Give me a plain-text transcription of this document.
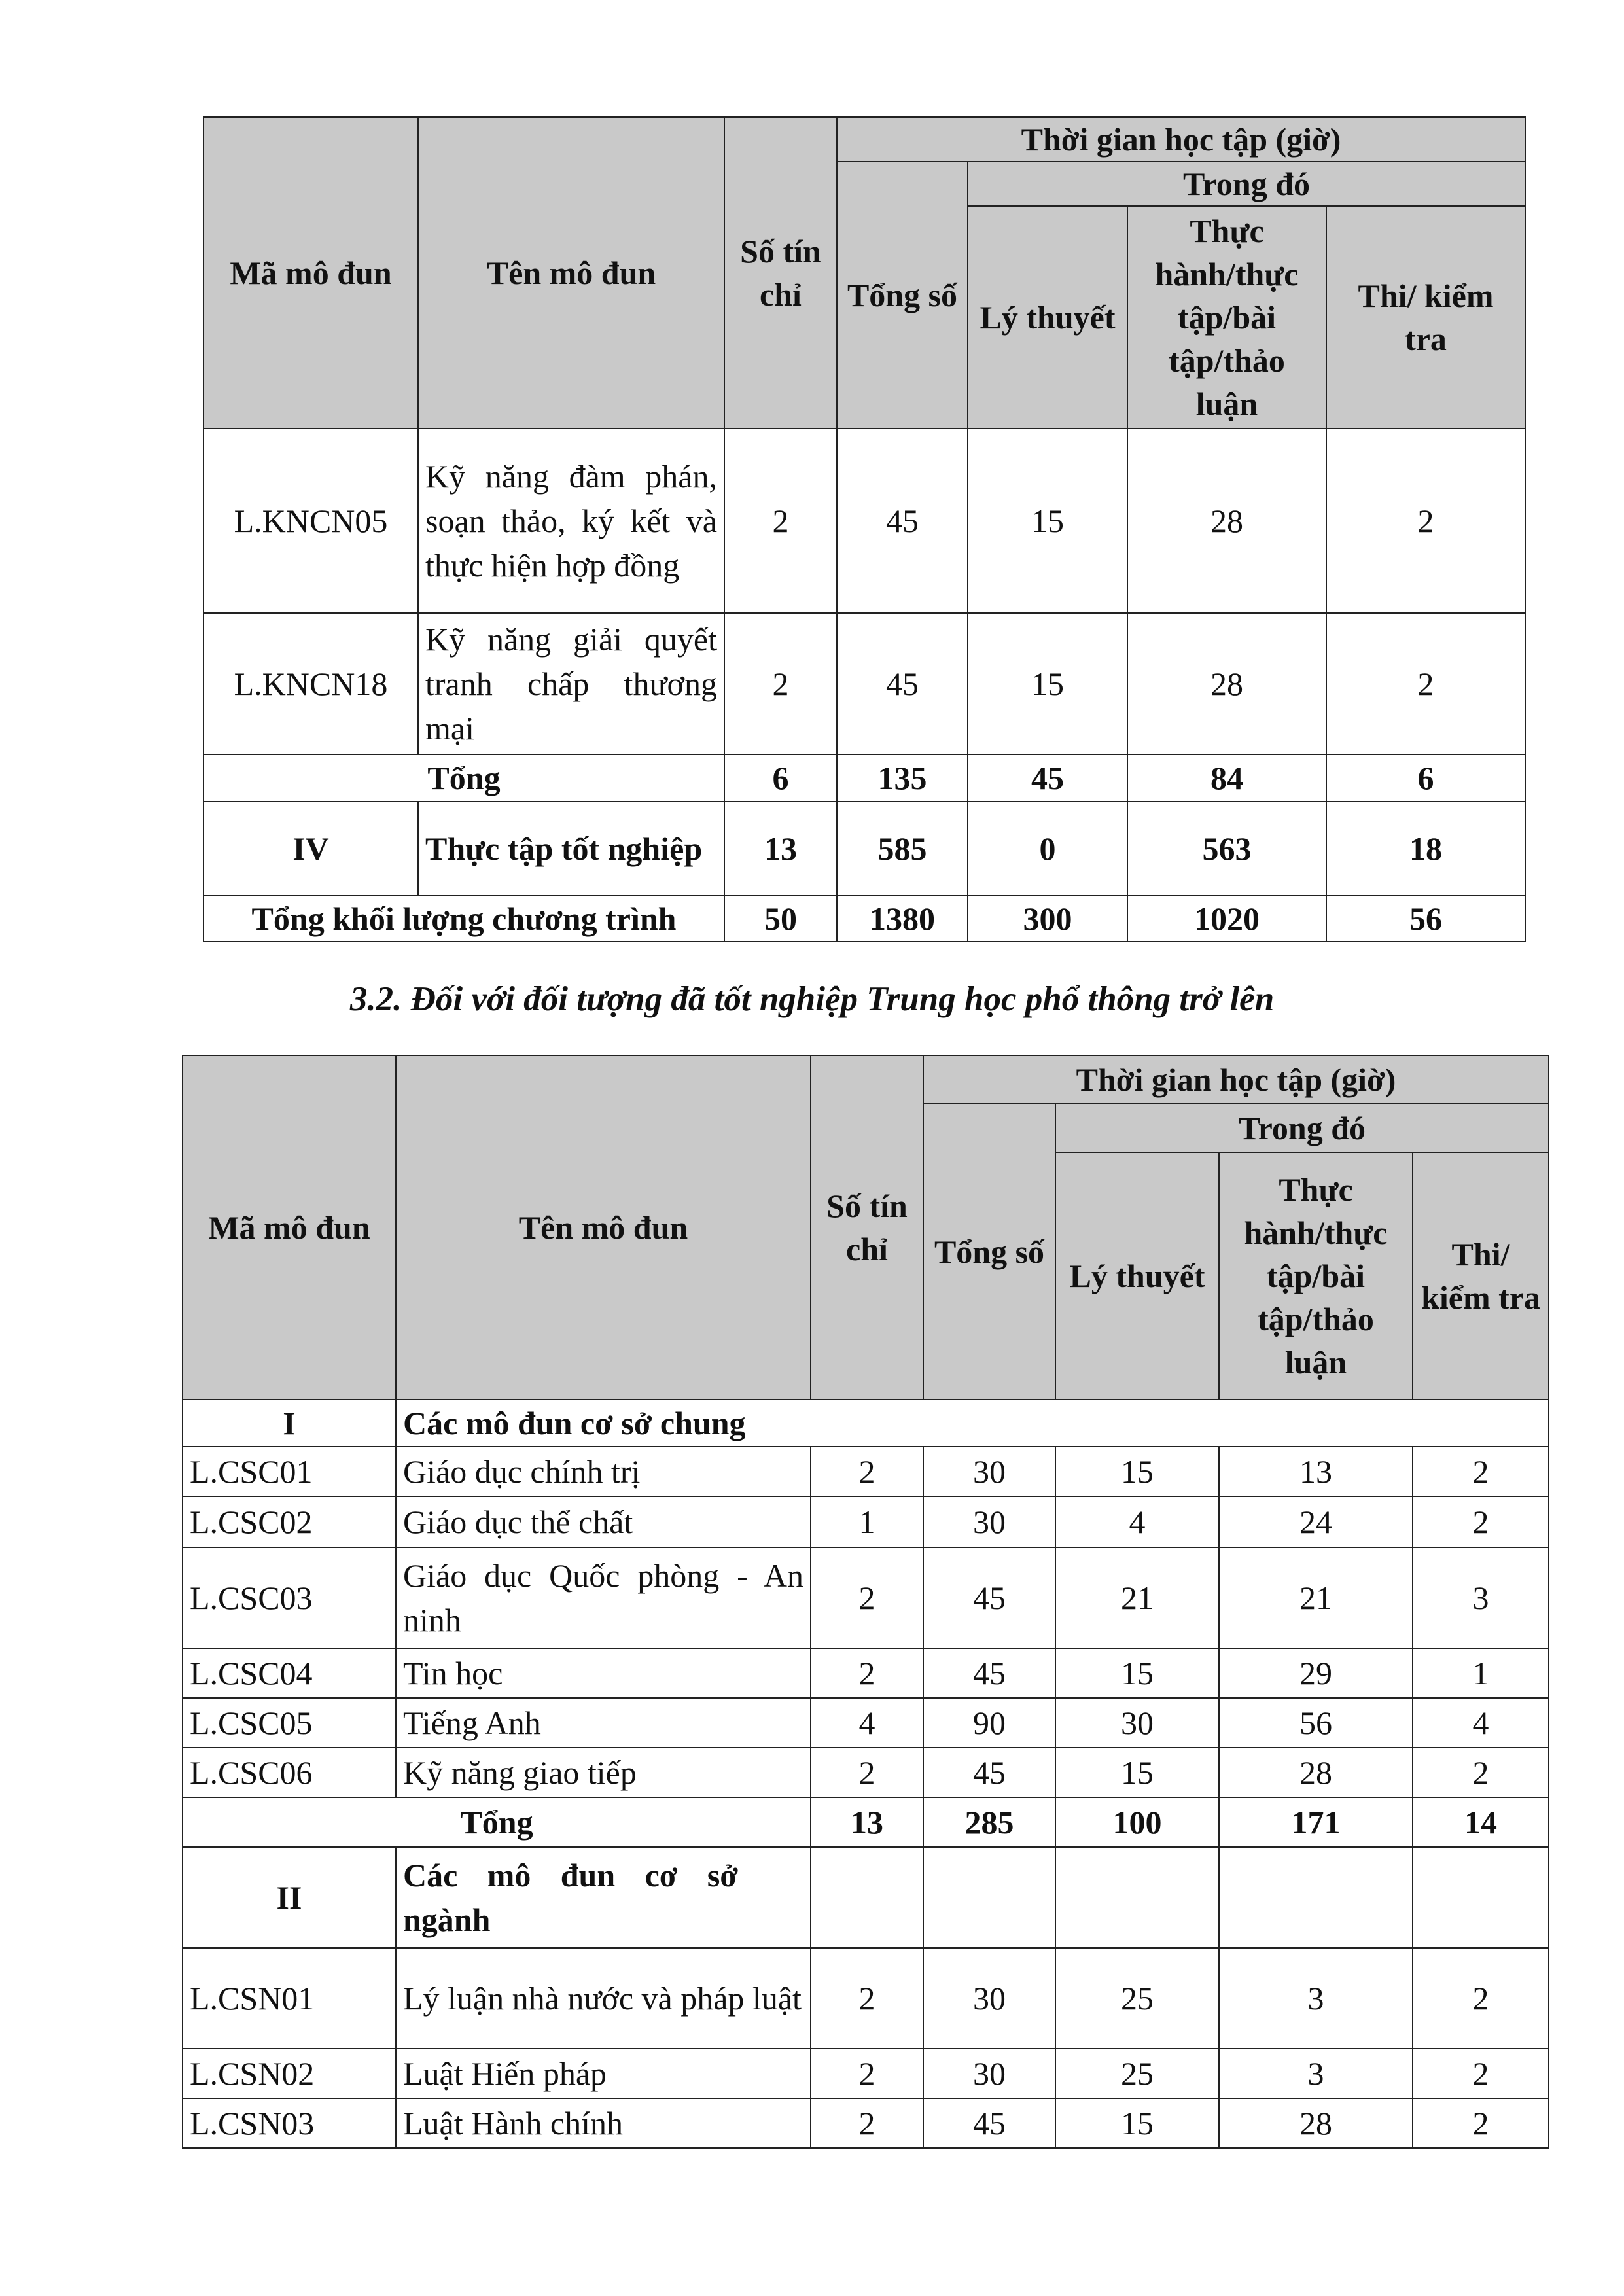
Mã mô đun	Tên mô đun	Số tín chỉ	Thời gian học tập (giờ)			
			Tổng số	Trong đó		
				Lý thuyết	Thực hành/thực tập/bài tập/thảo luận	Thi/ kiểm tra

L.KNCN05	Kỹ năng đàm phán, soạn thảo, ký kết và thực hiện hợp đồng	2	45	15	28	2
L.KNCN18	Kỹ năng giải quyết tranh chấp thương mại	2	45	15	28	2
Tổng		6	135	45	84	6
IV	Thực tập tốt nghiệp	13	585	0	563	18
Tổng khối lượng chương trình		50	1380	300	1020	56
3.2. Đối với đối tượng đã tốt nghiệp Trung học phổ thông trở lên
Mã mô đun	Tên mô đun	Số tín chỉ	Thời gian học tập (giờ)			
			Tổng số	Trong đó		
				Lý thuyết	Thực hành/thực tập/bài tập/thảo luận	Thi/ kiểm tra

I	Các mô đun cơ sở chung					
L.CSC01	Giáo dục chính trị	2	30	15	13	2
L.CSC02	Giáo dục thể chất	1	30	4	24	2
L.CSC03	Giáo dục Quốc phòng - An ninh	2	45	21	21	3
L.CSC04	Tin học	2	45	15	29	1
L.CSC05	Tiếng Anh	4	90	30	56	4
L.CSC06	Kỹ năng giao tiếp	2	45	15	28	2
Tổng		13	285	100	171	14
II	Các mô đun cơ sở ngành					
L.CSN01	Lý luận nhà nước và pháp luật	2	30	25	3	2
L.CSN02	Luật Hiến pháp	2	30	25	3	2
L.CSN03	Luật Hành chính	2	45	15	28	2
